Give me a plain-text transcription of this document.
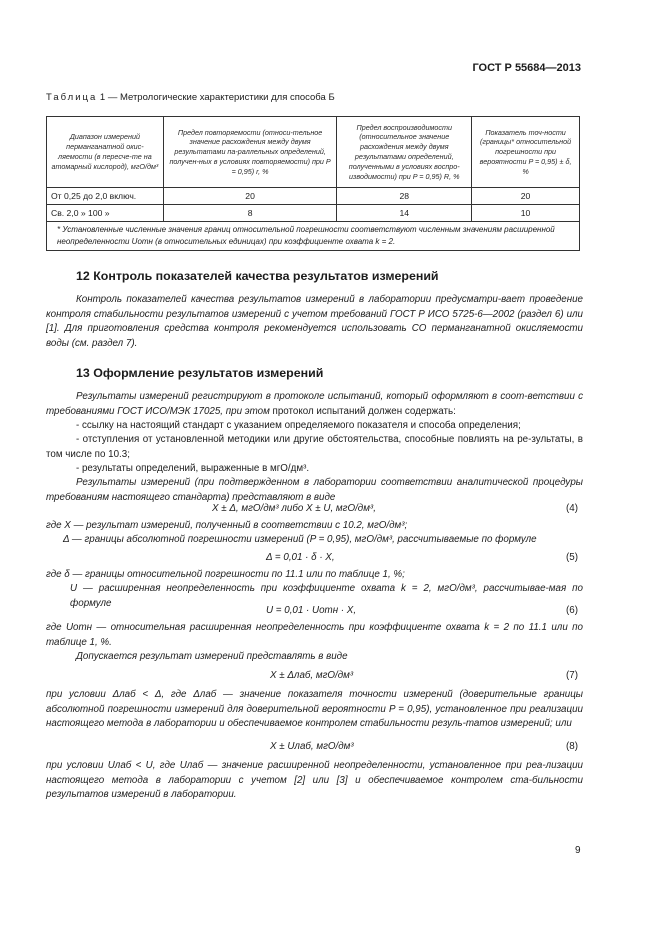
ГОСТ Р 55684—2013
Таблица 1 — Метрологические характеристики для способа Б
Диапазон измерений перманганатной окис-ляемости (в пересче-те на атомарный кислород), мгО/дм³	Предел повторяемости (относи-тельное значение расхождения между двумя результатами па-раллельных определений, получен-ных в условиях повторяемости) при P = 0,95) r, %	Предел воспроизводимости (относительное значение расхождения между двумя результатами определений, полученными в условиях воспро-изводимости) при P = 0,95) R, %	Показатель точ-ности (границы* относительной погрешности при вероятности P = 0,95) ± δ, %
От 0,25 до 2,0 включ.	20	28	20
Св. 2,0 » 100 »	8	14	10
* Установленные численные значения границ относительной погрешности соответствуют численным значениям расширенной неопределенности Uотн (в относительных единицах) при коэффициенте охвата k = 2.			
12 Контроль показателей качества результатов измерений
Контроль показателей качества результатов измерений в лаборатории предусматри-вает проведение контроля стабильности результатов измерений с учетом требований ГОСТ Р ИСО 5725-6—2002 (раздел 6) или [1]. Для приготовления средства контроля рекомендуется использовать СО перманганатной окисляемости воды (см. раздел 7).
13 Оформление результатов измерений
Результаты измерений регистрируют в протоколе испытаний, который оформляют в соот-ветствии с требованиями ГОСТ ИСО/МЭК 17025, при этом протокол испытаний должен содержать:
- ссылку на настоящий стандарт с указанием определяемого показателя и способа определения;
- отступления от установленной методики или другие обстоятельства, способные повлиять на ре-зультаты, в том числе по 10.3;
- результаты определений, выраженные в мгО/дм³.
Результаты измерений (при подтвержденном в лаборатории соответствии аналитической процедуры требованиям настоящего стандарта) представляют в виде
X ± Δ, мгО/дм³ либо X ± U, мгО/дм³,	(4)
где X — результат измерений, полученный в соответствии с 10.2, мгО/дм³;
Δ — границы абсолютной погрешности измерений (P = 0,95), мгО/дм³, рассчитываемые по формуле
Δ = 0,01 · δ · X,	(5)
где δ — границы относительной погрешности по 11.1 или по таблице 1, %;
U — расширенная неопределенность при коэффициенте охвата k = 2, мгО/дм³, рассчитывае-мая по формуле
U = 0,01 · Uотн · X,	(6)
где Uотн — относительная расширенная неопределенность при коэффициенте охвата k = 2 по 11.1 или по таблице 1, %.
Допускается результат измерений представлять в виде
X ± Δлаб, мгО/дм³	(7)
при условии Δлаб < Δ, где Δлаб — значение показателя точности измерений (доверительные границы абсолютной погрешности измерений для доверительной вероятности P = 0,95), установленное при реализации настоящего метода в лаборатории и обеспечиваемое контролем стабильности резуль-татов измерений; или
X ± Uлаб, мгО/дм³	(8)
при условии Uлаб < U, где Uлаб — значение расширенной неопределенности, установленное при реа-лизации настоящего метода в лаборатории с учетом [2] или [3] и обеспечиваемое контролем ста-бильности результатов измерений в лаборатории.
9
